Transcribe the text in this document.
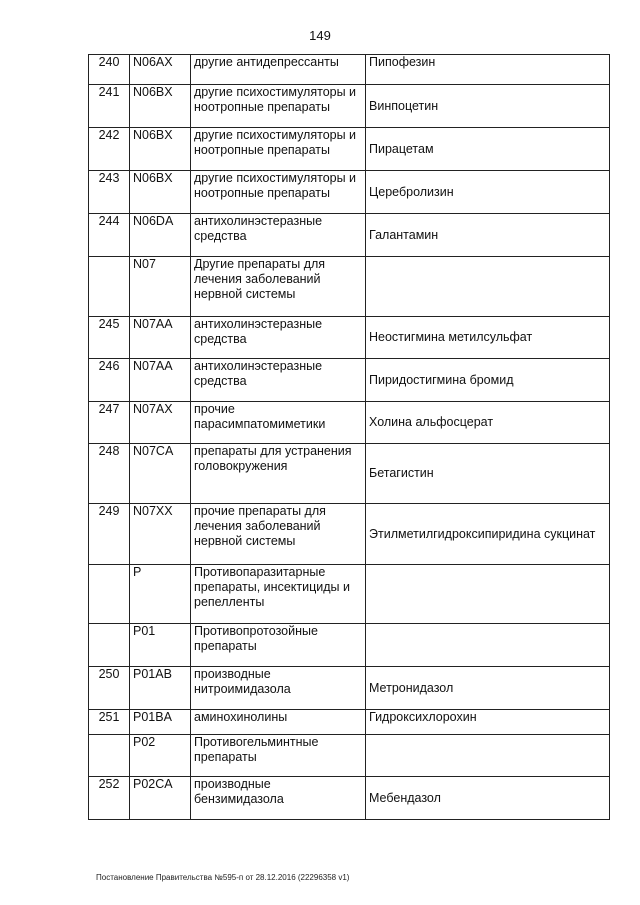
149
240	N06AX	другие антидепрессанты	Пипофезин
241	N06BX	другие психостимуляторы и ноотропные препараты	Винпоцетин
242	N06BX	другие психостимуляторы и ноотропные препараты	Пирацетам
243	N06BX	другие психостимуляторы и ноотропные препараты	Церебролизин
244	N06DA	антихолинэстеразные средства	Галантамин
	N07	Другие препараты для лечения заболеваний нервной системы	
245	N07AA	антихолинэстеразные средства	Неостигмина метилсульфат
246	N07AA	антихолинэстеразные средства	Пиридостигмина бромид
247	N07AX	прочие парасимпатомиметики	Холина альфосцерат
248	N07CA	препараты для устранения головокружения	Бетагистин
249	N07XX	прочие препараты для лечения заболеваний нервной системы	Этилметилгидроксипиридина сукцинат
	P	Противопаразитарные препараты, инсектициды и репелленты	
	P01	Противопротозойные препараты	
250	P01AB	производные нитроимидазола	Метронидазол
251	P01BA	аминохинолины	Гидроксихлорохин
	P02	Противогельминтные препараты	
252	P02CA	производные бензимидазола	Мебендазол
Постановление Правительства №595-п от 28.12.2016 (22296358 v1)
